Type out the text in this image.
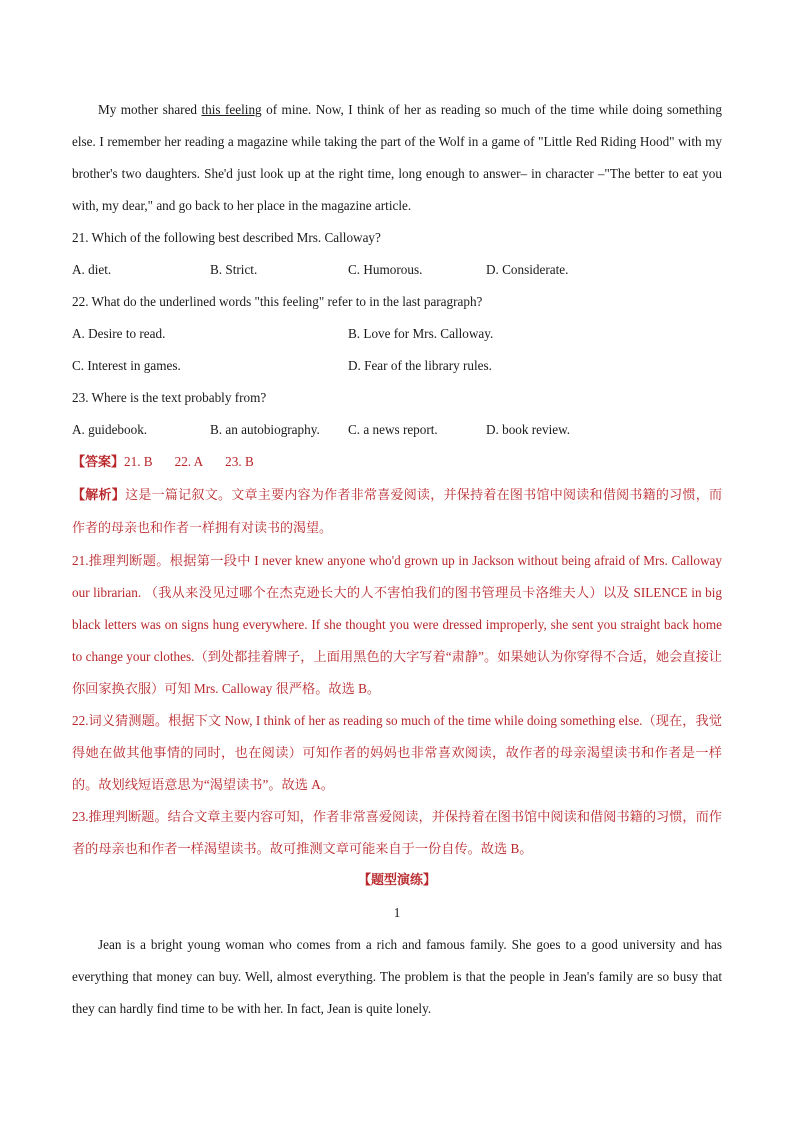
My mother shared this feeling of mine. Now, I think of her as reading so much of the time while doing something else. I remember her reading a magazine while taking the part of the Wolf in a game of "Little Red Riding Hood" with my brother's two daughters. She'd just look up at the right time, long enough to answer– in character –"The better to eat you with, my dear," and go back to her place in the magazine article.

21. Which of the following best described Mrs. Calloway?

A. diet.	B. Strict.	C. Humorous.	D. Considerate.

22. What do the underlined words "this feeling" refer to in the last paragraph?

A. Desire to read.	B. Love for Mrs. Calloway.
C. Interest in games.	D. Fear of the library rules.

23. Where is the text probably from?

A. guidebook.	B. an autobiography. C. a news report.	D. book review.

【答案】21. B 22. A 23. B

【解析】这是一篇记叙文。文章主要内容为作者非常喜爱阅读，并保持着在图书馆中阅读和借阅书籍的习惯，而作者的母亲也和作者一样拥有对读书的渴望。

21.推理判断题。根据第一段中 I never knew anyone who'd grown up in Jackson without being afraid of Mrs. Calloway our librarian. （我从来没见过哪个在杰克逊长大的人不害怕我们的图书管理员卡洛维夫人）以及 SILENCE in big black letters was on signs hung everywhere. If she thought you were dressed improperly, she sent you straight back home to change your clothes.（到处都挂着牌子，上面用黑色的大字写着“肃静”。如果她认为你穿得不合适，她会直接让你回家换衣服）可知 Mrs. Calloway 很严格。故选 B。

22.词义猜测题。根据下文 Now, I think of her as reading so much of the time while doing something else.（现在，我觉得她在做其他事情的同时，也在阅读）可知作者的妈妈也非常喜欢阅读，故作者的母亲渴望读书和作者是一样的。故划线短语意思为“渴望读书”。故选 A。

23.推理判断题。结合文章主要内容可知，作者非常喜爱阅读，并保持着在图书馆中阅读和借阅书籍的习惯，而作者的母亲也和作者一样渴望读书。故可推测文章可能来自于一份自传。故选 B。

【题型演练】

1

Jean is a bright young woman who comes from a rich and famous family. She goes to a good university and has everything that money can buy. Well, almost everything. The problem is that the people in Jean's family are so busy that they can hardly find time to be with her. In fact, Jean is quite lonely.
